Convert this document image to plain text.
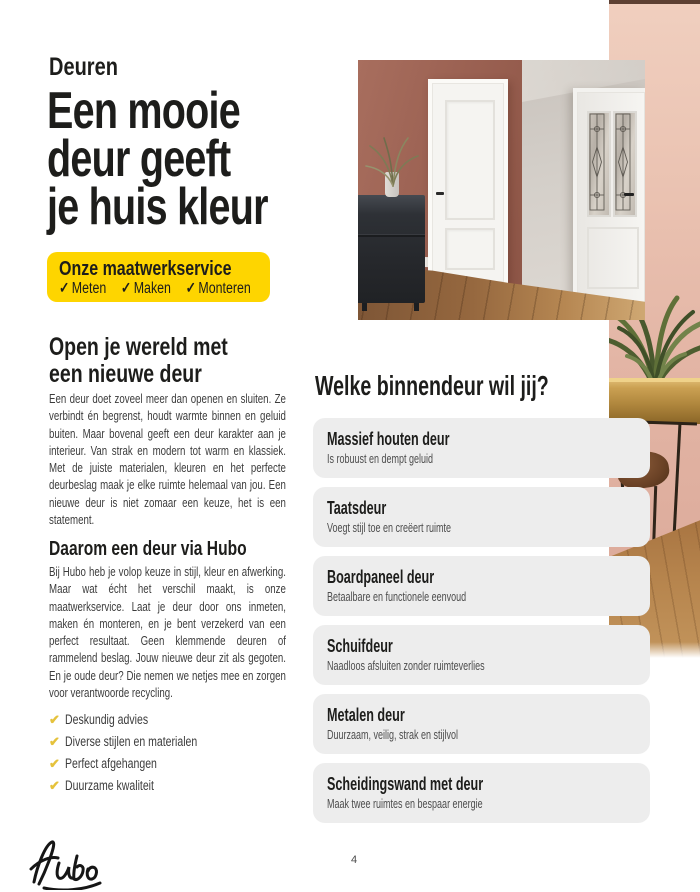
Deuren
Een mooie
deur geeft
je huis kleur
Onze maatwerkservice
✓ Meten ✓ Maken ✓ Monteren
Open je wereld met
een nieuwe deur
Een deur doet zoveel meer dan openen en sluiten. Ze verbindt én begrenst, houdt warmte binnen en geluid buiten. Maar bovenal geeft een deur karakter aan je interieur. Van strak en modern tot warm en klassiek. Met de juiste materialen, kleuren en het perfecte deurbeslag maak je elke ruimte helemaal van jou. Een nieuwe deur is niet zomaar een keuze, het is een statement.
Daarom een deur via Hubo
Bij Hubo heb je volop keuze in stijl, kleur en afwerking. Maar wat écht het verschil maakt, is onze maatwerkservice. Laat je deur door ons inmeten, maken én monteren, en je bent verzekerd van een perfect resultaat. Geen klemmende deuren of rammelend beslag. Jouw nieuwe deur zit als gegoten. En je oude deur? Die nemen we netjes mee en zorgen voor verantwoorde recycling.
✔ Deskundig advies
✔ Diverse stijlen en materialen
✔ Perfect afgehangen
✔ Duurzame kwaliteit
Welke binnendeur wil jij?
Massief houten deur
Is robuust en dempt geluid
Taatsdeur
Voegt stijl toe en creëert ruimte
Boardpaneel deur
Betaalbare en functionele eenvoud
Schuifdeur
Naadloos afsluiten zonder ruimteverlies
Metalen deur
Duurzaam, veilig, strak en stijlvol
Scheidingswand met deur
Maak twee ruimtes en bespaar energie
4
